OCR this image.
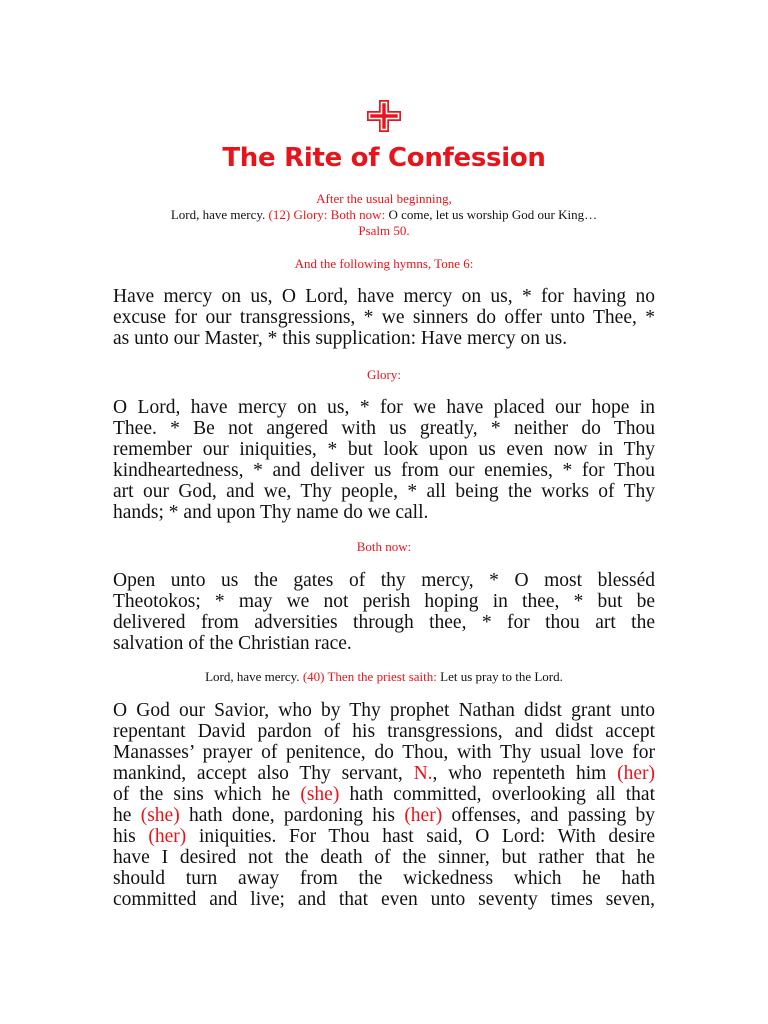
The Rite of Confession

After the usual beginning,

Lord, have mercy. (12) Glory: Both now: O come, let us worship God our King…

Psalm 50.

And the following hymns, Tone 6:

Have mercy on us, O Lord, have mercy on us, * for having no
excuse for our transgressions, * we sinners do offer unto Thee, *
as unto our Master, * this supplication: Have mercy on us.

Glory:

O Lord, have mercy on us, * for we have placed our hope in
Thee. * Be not angered with us greatly, * neither do Thou
remember our iniquities, * but look upon us even now in Thy
kindheartedness, * and deliver us from our enemies, * for Thou
art our God, and we, Thy people, * all being the works of Thy
hands; * and upon Thy name do we call.

Both now:

Open unto us the gates of thy mercy, * O most blesséd
Theotokos; * may we not perish hoping in thee, * but be
delivered from adversities through thee, * for thou art the
salvation of the Christian race.

Lord, have mercy. (40) Then the priest saith: Let us pray to the Lord.

O God our Savior, who by Thy prophet Nathan didst grant unto
repentant David pardon of his transgressions, and didst accept
Manasses’ prayer of penitence, do Thou, with Thy usual love for
mankind, accept also Thy servant, N., who repenteth him (her)
of the sins which he (she) hath committed, overlooking all that
he (she) hath done, pardoning his (her) offenses, and passing by
his (her) iniquities. For Thou hast said, O Lord: With desire
have I desired not the death of the sinner, but rather that he
should turn away from the wickedness which he hath
committed and live; and that even unto seventy times seven,
